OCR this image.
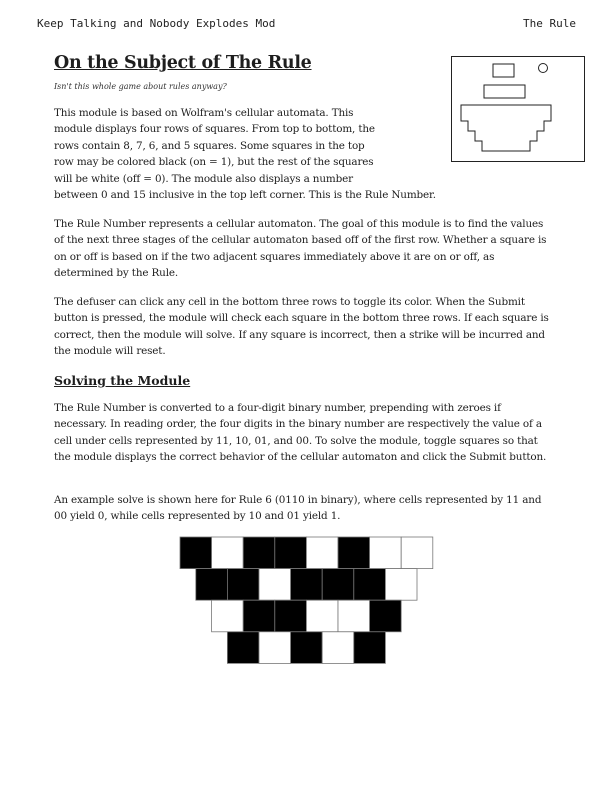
Keep Talking and Nobody Explodes Mod	The Rule
On the Subject of The Rule
Isn't this whole game about rules anyway?
This module is based on Wolfram's cellular automata. This
module displays four rows of squares. From top to bottom, the
rows contain 8, 7, 6, and 5 squares. Some squares in the top
row may be colored black (on = 1), but the rest of the squares
will be white (off = 0). The module also displays a number
between 0 and 15 inclusive in the top left corner. This is the Rule Number.

The Rule Number represents a cellular automaton. The goal of this module is to find the values of the next three stages of the cellular automaton based off of the first row. Whether a square is on or off is based on if the two adjacent squares immediately above it are on or off, as determined by the Rule.

The defuser can click any cell in the bottom three rows to toggle its color. When the Submit button is pressed, the module will check each square in the bottom three rows. If each square is correct, then the module will solve. If any square is incorrect, then a strike will be incurred and the module will reset.

Solving the Module

The Rule Number is converted to a four-digit binary number, prepending with zeroes if necessary. In reading order, the four digits in the binary number are respectively the value of a cell under cells represented by 11, 10, 01, and 00. To solve the module, toggle squares so that the module displays the correct behavior of the cellular automaton and click the Submit button.

An example solve is shown here for Rule 6 (0110 in binary), where cells represented by 11 and 00 yield 0, while cells represented by 10 and 01 yield 1.
